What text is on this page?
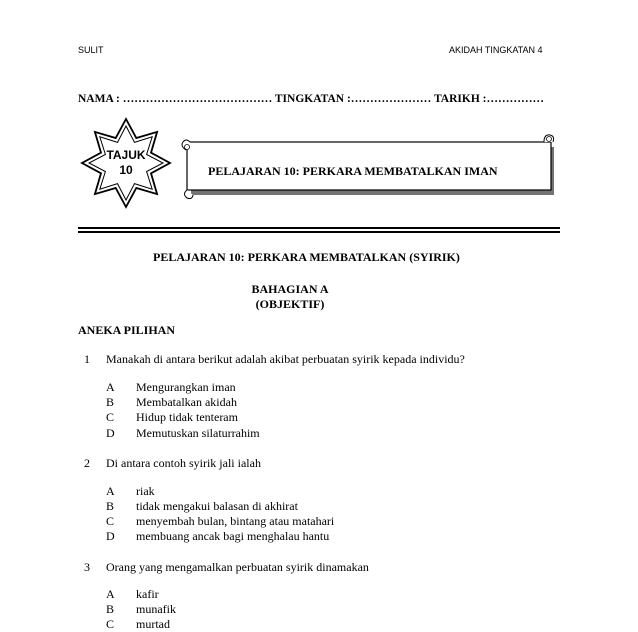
SULIT	AKIDAH TINGKATAN 4
NAMA : ………………………………… TINGKATAN :………………… TARIKH :……………
TAJUK
10	PELAJARAN 10: PERKARA MEMBATALKAN IMAN
PELAJARAN 10: PERKARA MEMBATALKAN (SYIRIK)
BAHAGIAN A
(OBJEKTIF)
ANEKA PILIHAN
1 Manakah di antara berikut adalah akibat perbuatan syirik kepada individu?
A Mengurangkan iman
B Membatalkan akidah
C Hidup tidak tenteram
D Memutuskan silaturrahim
2 Di antara contoh syirik jali ialah
A riak
B tidak mengakui balasan di akhirat
C menyembah bulan, bintang atau matahari
D membuang ancak bagi menghalau hantu
3 Orang yang mengamalkan perbuatan syirik dinamakan
A kafir
B munafik
C murtad
